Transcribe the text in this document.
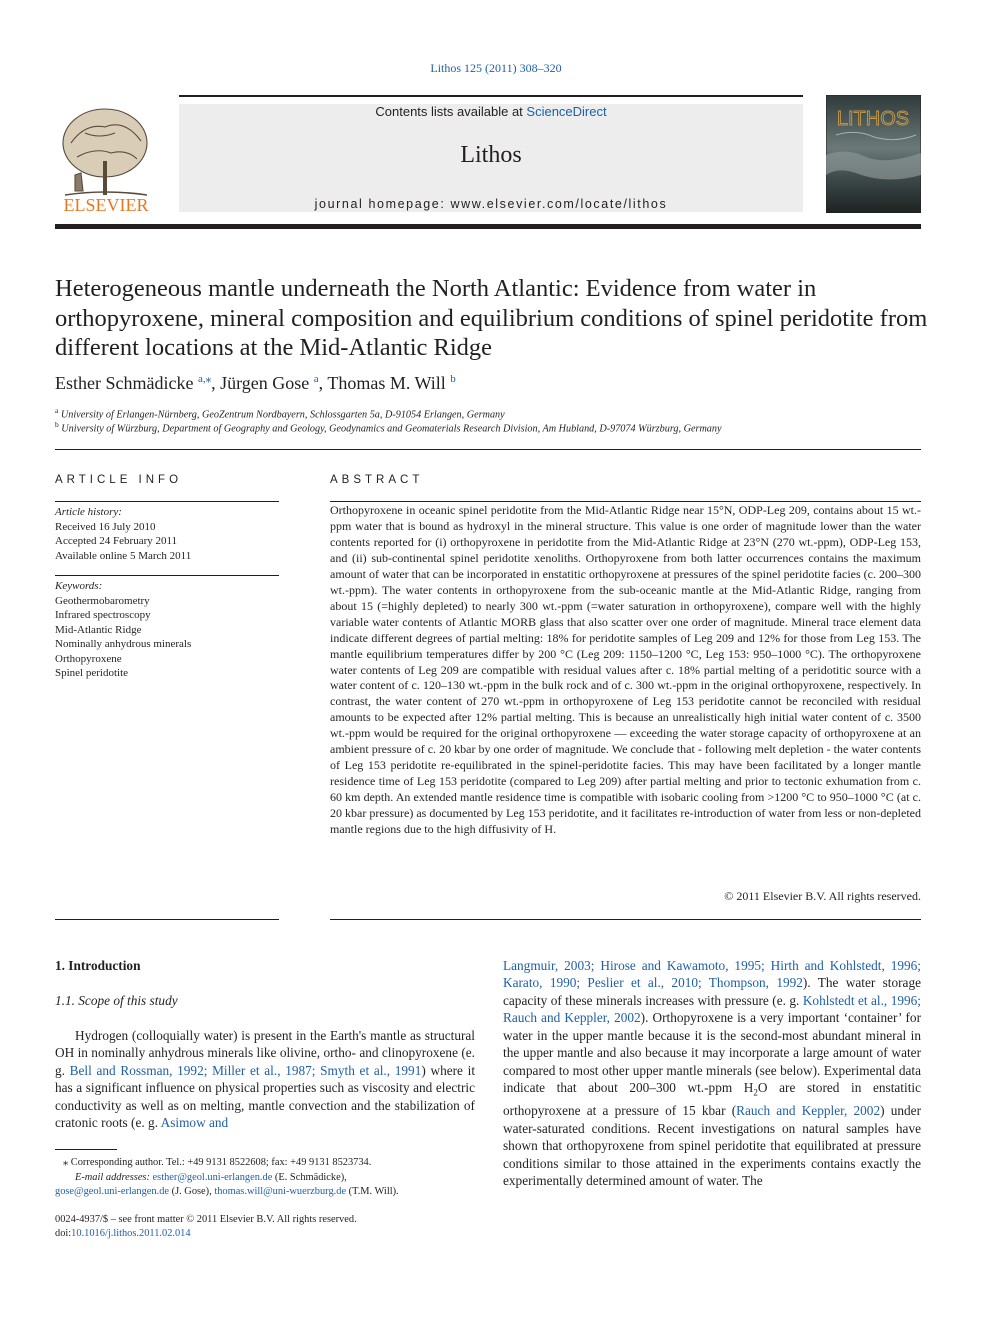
Lithos 125 (2011) 308–320
ELSEVIER
Contents lists available at ScienceDirect
Lithos
journal homepage: www.elsevier.com/locate/lithos
LITHOS
Heterogeneous mantle underneath the North Atlantic: Evidence from water in orthopyroxene, mineral composition and equilibrium conditions of spinel peridotite from different locations at the Mid-Atlantic Ridge
Esther Schmädicke $^{a,⁎}$, Jürgen Gose $^a$, Thomas M. Will $^b$
$^a$ University of Erlangen-Nürnberg, GeoZentrum Nordbayern, Schlossgarten 5a, D-91054 Erlangen, Germany
$^b$ University of Würzburg, Department of Geography and Geology, Geodynamics and Geomaterials Research Division, Am Hubland, D-97074 Würzburg, Germany
ARTICLE INFO
Article history:
Received 16 July 2010
Accepted 24 February 2011
Available online 5 March 2011
Keywords:
Geothermobarometry
Infrared spectroscopy
Mid-Atlantic Ridge
Nominally anhydrous minerals
Orthopyroxene
Spinel peridotite
ABSTRACT
Orthopyroxene in oceanic spinel peridotite from the Mid-Atlantic Ridge near 15°N, ODP-Leg 209, contains about 15 wt.-ppm water that is bound as hydroxyl in the mineral structure. This value is one order of magnitude lower than the water contents reported for (i) orthopyroxene in peridotite from the Mid-Atlantic Ridge at 23°N (270 wt.-ppm), ODP-Leg 153, and (ii) sub-continental spinel peridotite xenoliths. Orthopyroxene from both latter occurrences contains the maximum amount of water that can be incorporated in enstatitic orthopyroxene at pressures of the spinel peridotite facies (c. 200–300 wt.-ppm). The water contents in orthopyroxene from the sub-oceanic mantle at the Mid-Atlantic Ridge, ranging from about 15 (=highly depleted) to nearly 300 wt.-ppm (=water saturation in orthopyroxene), compare well with the highly variable water contents of Atlantic MORB glass that also scatter over one order of magnitude. Mineral trace element data indicate different degrees of partial melting: 18% for peridotite samples of Leg 209 and 12% for those from Leg 153. The mantle equilibrium temperatures differ by 200 °C (Leg 209: 1150–1200 °C, Leg 153: 950–1000 °C). The orthopyroxene water contents of Leg 209 are compatible with residual values after c. 18% partial melting of a peridotitic source with a water content of c. 120–130 wt.-ppm in the bulk rock and of c. 300 wt.-ppm in the original orthopyroxene, respectively. In contrast, the water content of 270 wt.-ppm in orthopyroxene of Leg 153 peridotite cannot be reconciled with residual amounts to be expected after 12% partial melting. This is because an unrealistically high initial water content of c. 3500 wt.-ppm would be required for the original orthopyroxene — exceeding the water storage capacity of orthopyroxene at an ambient pressure of c. 20 kbar by one order of magnitude. We conclude that - following melt depletion - the water contents of Leg 153 peridotite re-equilibrated in the spinel-peridotite facies. This may have been facilitated by a longer mantle residence time of Leg 153 peridotite (compared to Leg 209) after partial melting and prior to tectonic exhumation from c. 60 km depth. An extended mantle residence time is compatible with isobaric cooling from >1200 °C to 950–1000 °C (at c. 20 kbar pressure) as documented by Leg 153 peridotite, and it facilitates re-introduction of water from less or non-depleted mantle regions due to the high diffusivity of H.
© 2011 Elsevier B.V. All rights reserved.
1. Introduction
1.1. Scope of this study
Hydrogen (colloquially water) is present in the Earth's mantle as structural OH in nominally anhydrous minerals like olivine, ortho- and clinopyroxene (e. g. Bell and Rossman, 1992; Miller et al., 1987; Smyth et al., 1991) where it has a significant influence on physical properties such as viscosity and electric conductivity as well as on melting, mantle convection and the stabilization of cratonic roots (e. g. Asimow and
Langmuir, 2003; Hirose and Kawamoto, 1995; Hirth and Kohlstedt, 1996; Karato, 1990; Peslier et al., 2010; Thompson, 1992). The water storage capacity of these minerals increases with pressure (e. g. Kohlstedt et al., 1996; Rauch and Keppler, 2002). Orthopyroxene is a very important ‘container’ for water in the upper mantle because it is the second-most abundant mineral in the upper mantle and also because it may incorporate a large amount of water compared to most other upper mantle minerals (see below). Experimental data indicate that about 200–300 wt.-ppm $H_2O$ are stored in enstatitic orthopyroxene at a pressure of 15 kbar (Rauch and Keppler, 2002) under water-saturated conditions. Recent investigations on natural samples have shown that orthopyroxene from spinel peridotite that equilibrated at pressure conditions similar to those attained in the experiments contains exactly the experimentally determined amount of water. The
⁎ Corresponding author. Tel.: +49 9131 8522608; fax: +49 9131 8523734.
E-mail addresses: esther@geol.uni-erlangen.de (E. Schmädicke),
gose@geol.uni-erlangen.de (J. Gose), thomas.will@uni-wuerzburg.de (T.M. Will).
0024-4937/$ – see front matter © 2011 Elsevier B.V. All rights reserved.
doi:10.1016/j.lithos.2011.02.014
